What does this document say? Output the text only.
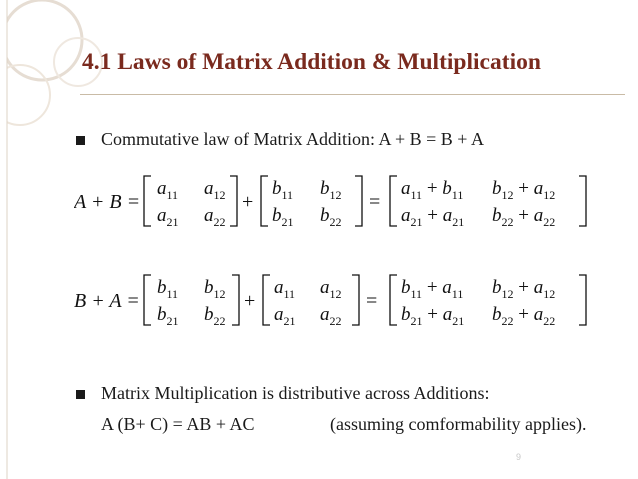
4.1 Laws of Matrix Addition & Multiplication
Commutative law of Matrix Addition: A + B = B + A
A + B =
$a_{11}$ $a_{12}$
$a_{21}$ $a_{22}$
+
$b_{11}$ $b_{12}$
$b_{21}$ $b_{22}$
=
$a_{11} + b_{11}$ $b_{12} + a_{12}$
$a_{21} + a_{21}$ $b_{22} + a_{22}$
B + A =
$b_{11}$ $b_{12}$
$b_{21}$ $b_{22}$
+
$a_{11}$ $a_{12}$
$a_{21}$ $a_{22}$
=
$b_{11} + a_{11}$ $b_{12} + a_{12}$
$b_{21} + a_{21}$ $b_{22} + a_{22}$
Matrix Multiplication is distributive across Additions:
A (B+ C) = AB + AC	(assuming comformability applies).
9
